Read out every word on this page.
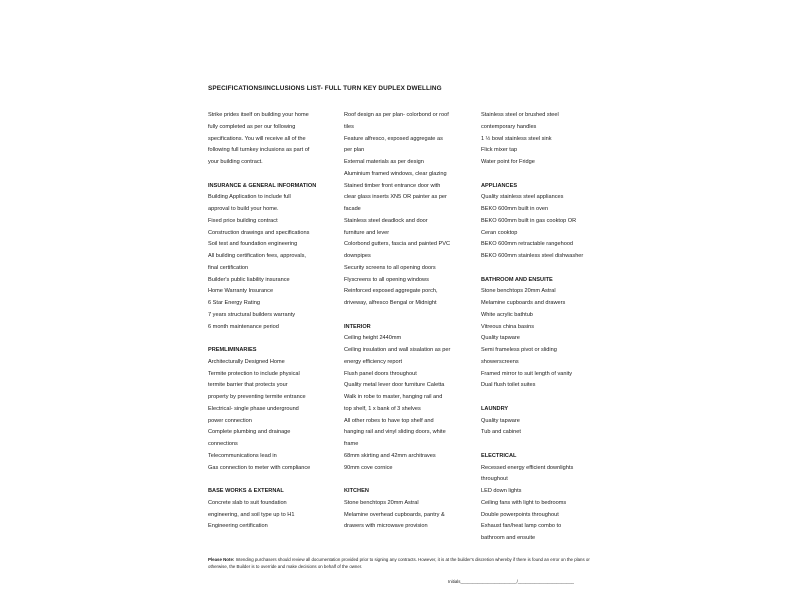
SPECIFICATIONS/INCLUSIONS LIST- FULL TURN KEY DUPLEX DWELLING
Strike prides itself on building your home
fully completed as per our following
specifications. You will receive all of the
following full turnkey inclusions as part of
your building contract.
INSURANCE & GENERAL INFORMATION
Building Application to include full
approval to build your home.
Fixed price building contract
Construction drawings and specifications
Soil test and foundation engineering
All building certification fees, approvals,
final certification
Builder's public liability insurance
Home Warranty Insurance
6 Star Energy Rating
7 years structural builders warranty
6 month maintenance period
PREMLIMINARIES
Architecturally Designed Home
Termite protection to include physical
termite barrier that protects your
property by preventing termite entrance
Electrical- single phase underground
power connection
Complete plumbing and drainage
connections
Telecommunications lead in
Gas connection to meter with compliance
BASE WORKS & EXTERNAL
Concrete slab to suit foundation
engineering, and soil type up to H1
Engineering certification
Roof design as per plan- colorbond or roof
tiles
Feature alfresco, exposed aggregate as
per plan
External materials as per design
Aluminium framed windows, clear glazing
Stained timber front entrance door with
clear glass inserts XN5 OR painter as per
facade
Stainless steel deadlock and door
furniture and lever
Colorbond gutters, fascia and painted PVC
downpipes
Security screens to all opening doors
Flyscreens to all opening windows
Reinforced exposed aggregate porch,
driveway, alfresco Bengal or Midnight
INTERIOR
Ceiling height 2440mm
Ceiling insulation and wall sisalation as per
energy efficiency report
Flush panel doors throughout
Quality metal lever door furniture Caletta
Walk in robe to master, hanging rail and
top shelf, 1 x bank of 3 shelves
All other robes to have top shelf and
hanging rail and vinyl sliding doors, white
frame
68mm skirting and 42mm architraves
90mm cove cornice
KITCHEN
Stone benchtops 20mm Astral
Melamine overhead cupboards, pantry &
drawers with microwave provision
Stainless steel or brushed steel
contemporary handles
1 ½ bowl stainless steel sink
Flick mixer tap
Water point for Fridge
APPLIANCES
Quality stainless steel appliances
BEKO 600mm built in oven
BEKO 600mm built in gas cooktop OR
Ceran cooktop
BEKO 600mm retractable rangehood
BEKO 600mm stainless steel dishwasher
BATHROOM AND ENSUITE
Stone benchtops 20mm Astral
Melamine cupboards and drawers
White acrylic bathtub
Vitreous china basins
Quality tapware
Semi frameless pivot or sliding
showerscreens
Framed mirror to suit length of vanity
Dual flush toilet suites
LAUNDRY
Quality tapware
Tub and cabinet
ELECTRICAL
Recessed energy efficient downlights
throughout
LED down lights
Ceiling fans with light to bedrooms
Double powerpoints throughout
Exhaust fan/heat lamp combo to
bathroom and ensuite
Please Note: Intending purchasers should review all documentation provided prior to signing any contracts. However, it is at the builder's discretion whereby if there is found an error on the plans or otherwise, the Builder is to override and make decisions on behalf of the owner.
Initials_______________________/_______________________
